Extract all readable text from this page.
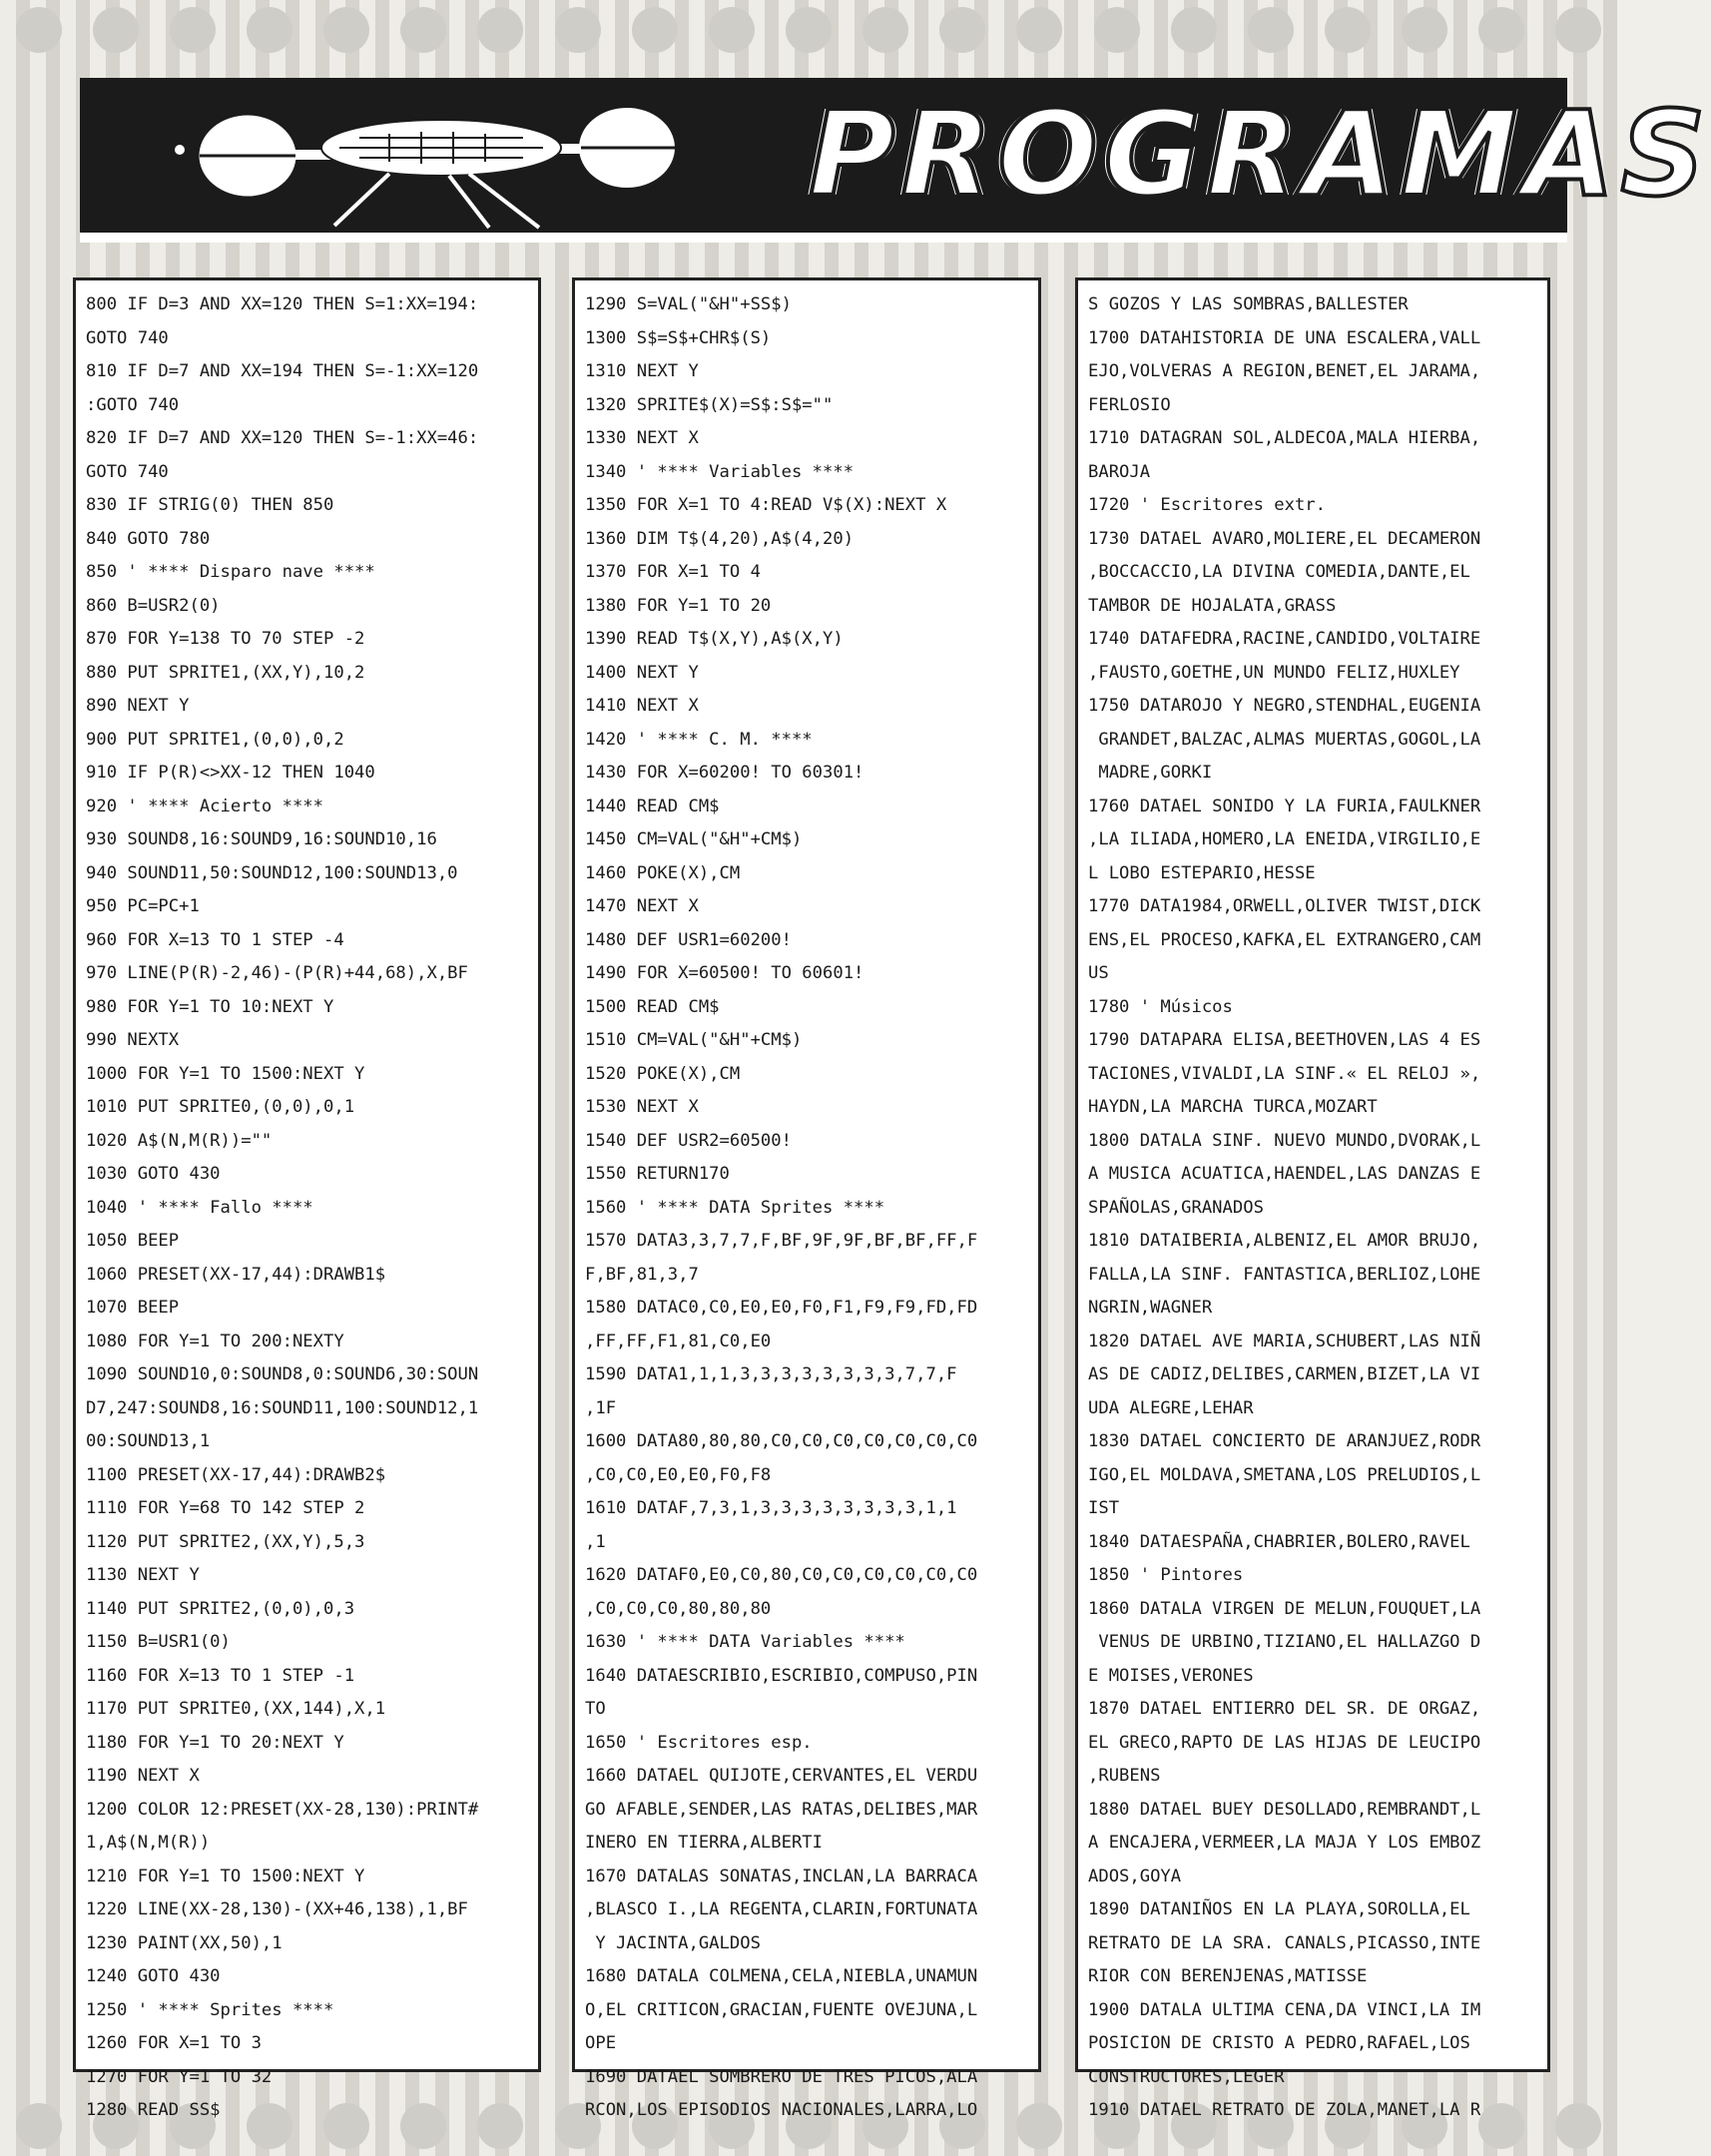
PROGRAMAS
800 IF D=3 AND XX=120 THEN S=1:XX=194:
GOTO 740
810 IF D=7 AND XX=194 THEN S=-1:XX=120
:GOTO 740
820 IF D=7 AND XX=120 THEN S=-1:XX=46:
GOTO 740
830 IF STRIG(0) THEN 850
840 GOTO 780
850 ' **** Disparo nave ****
860 B=USR2(0)
870 FOR Y=138 TO 70 STEP -2
880 PUT SPRITE1,(XX,Y),10,2
890 NEXT Y
900 PUT SPRITE1,(0,0),0,2
910 IF P(R)<>XX-12 THEN 1040
920 ' **** Acierto ****
930 SOUND8,16:SOUND9,16:SOUND10,16
940 SOUND11,50:SOUND12,100:SOUND13,0
950 PC=PC+1
960 FOR X=13 TO 1 STEP -4
970 LINE(P(R)-2,46)-(P(R)+44,68),X,BF
980 FOR Y=1 TO 10:NEXT Y
990 NEXTX
1000 FOR Y=1 TO 1500:NEXT Y
1010 PUT SPRITE0,(0,0),0,1
1020 A$(N,M(R))=""
1030 GOTO 430
1040 ' **** Fallo ****
1050 BEEP
1060 PRESET(XX-17,44):DRAWB1$
1070 BEEP
1080 FOR Y=1 TO 200:NEXTY
1090 SOUND10,0:SOUND8,0:SOUND6,30:SOUN
D7,247:SOUND8,16:SOUND11,100:SOUND12,1
00:SOUND13,1
1100 PRESET(XX-17,44):DRAWB2$
1110 FOR Y=68 TO 142 STEP 2
1120 PUT SPRITE2,(XX,Y),5,3
1130 NEXT Y
1140 PUT SPRITE2,(0,0),0,3
1150 B=USR1(0)
1160 FOR X=13 TO 1 STEP -1
1170 PUT SPRITE0,(XX,144),X,1
1180 FOR Y=1 TO 20:NEXT Y
1190 NEXT X
1200 COLOR 12:PRESET(XX-28,130):PRINT#
1,A$(N,M(R))
1210 FOR Y=1 TO 1500:NEXT Y
1220 LINE(XX-28,130)-(XX+46,138),1,BF
1230 PAINT(XX,50),1
1240 GOTO 430
1250 ' **** Sprites ****
1260 FOR X=1 TO 3
1270 FOR Y=1 TO 32
1280 READ SS$
1290 S=VAL("&H"+SS$)
1300 S$=S$+CHR$(S)
1310 NEXT Y
1320 SPRITE$(X)=S$:S$=""
1330 NEXT X
1340 ' **** Variables ****
1350 FOR X=1 TO 4:READ V$(X):NEXT X
1360 DIM T$(4,20),A$(4,20)
1370 FOR X=1 TO 4
1380 FOR Y=1 TO 20
1390 READ T$(X,Y),A$(X,Y)
1400 NEXT Y
1410 NEXT X
1420 ' **** C. M. ****
1430 FOR X=60200! TO 60301!
1440 READ CM$
1450 CM=VAL("&H"+CM$)
1460 POKE(X),CM
1470 NEXT X
1480 DEF USR1=60200!
1490 FOR X=60500! TO 60601!
1500 READ CM$
1510 CM=VAL("&H"+CM$)
1520 POKE(X),CM
1530 NEXT X
1540 DEF USR2=60500!
1550 RETURN170
1560 ' **** DATA Sprites ****
1570 DATA3,3,7,7,F,BF,9F,9F,BF,BF,FF,F
F,BF,81,3,7
1580 DATAC0,C0,E0,E0,F0,F1,F9,F9,FD,FD
,FF,FF,F1,81,C0,E0
1590 DATA1,1,1,3,3,3,3,3,3,3,3,7,7,F
,1F
1600 DATA80,80,80,C0,C0,C0,C0,C0,C0,C0
,C0,C0,E0,E0,F0,F8
1610 DATAF,7,3,1,3,3,3,3,3,3,3,3,1,1
,1
1620 DATAF0,E0,C0,80,C0,C0,C0,C0,C0,C0
,C0,C0,C0,80,80,80
1630 ' **** DATA Variables ****
1640 DATAESCRIBIO,ESCRIBIO,COMPUSO,PIN
TO
1650 ' Escritores esp.
1660 DATAEL QUIJOTE,CERVANTES,EL VERDU
GO AFABLE,SENDER,LAS RATAS,DELIBES,MAR
INERO EN TIERRA,ALBERTI
1670 DATALAS SONATAS,INCLAN,LA BARRACA
,BLASCO I.,LA REGENTA,CLARIN,FORTUNATA
Y JACINTA,GALDOS
1680 DATALA COLMENA,CELA,NIEBLA,UNAMUN
O,EL CRITICON,GRACIAN,FUENTE OVEJUNA,L
OPE
1690 DATAEL SOMBRERO DE TRES PICOS,ALA
RCON,LOS EPISODIOS NACIONALES,LARRA,LO
S GOZOS Y LAS SOMBRAS,BALLESTER
1700 DATAHISTORIA DE UNA ESCALERA,VALL
EJO,VOLVERAS A REGION,BENET,EL JARAMA,
FERLOSIO
1710 DATAGRAN SOL,ALDECOA,MALA HIERBA,
BAROJA
1720 ' Escritores extr.
1730 DATAEL AVARO,MOLIERE,EL DECAMERON
,BOCCACCIO,LA DIVINA COMEDIA,DANTE,EL
TAMBOR DE HOJALATA,GRASS
1740 DATAFEDRA,RACINE,CANDIDO,VOLTAIRE
,FAUSTO,GOETHE,UN MUNDO FELIZ,HUXLEY
1750 DATAROJO Y NEGRO,STENDHAL,EUGENIA
GRANDET,BALZAC,ALMAS MUERTAS,GOGOL,LA
MADRE,GORKI
1760 DATAEL SONIDO Y LA FURIA,FAULKNER
,LA ILIADA,HOMERO,LA ENEIDA,VIRGILIO,E
L LOBO ESTEPARIO,HESSE
1770 DATA1984,ORWELL,OLIVER TWIST,DICK
ENS,EL PROCESO,KAFKA,EL EXTRANGERO,CAM
US
1780 ' Músicos
1790 DATAPARA ELISA,BEETHOVEN,LAS 4 ES
TACIONES,VIVALDI,LA SINF.« EL RELOJ »,
HAYDN,LA MARCHA TURCA,MOZART
1800 DATALA SINF. NUEVO MUNDO,DVORAK,L
A MUSICA ACUATICA,HAENDEL,LAS DANZAS E
SPAÑOLAS,GRANADOS
1810 DATAIBERIA,ALBENIZ,EL AMOR BRUJO,
FALLA,LA SINF. FANTASTICA,BERLIOZ,LOHE
NGRIN,WAGNER
1820 DATAEL AVE MARIA,SCHUBERT,LAS NIÑ
AS DE CADIZ,DELIBES,CARMEN,BIZET,LA VI
UDA ALEGRE,LEHAR
1830 DATAEL CONCIERTO DE ARANJUEZ,RODR
IGO,EL MOLDAVA,SMETANA,LOS PRELUDIOS,L
IST
1840 DATAESPAÑA,CHABRIER,BOLERO,RAVEL
1850 ' Pintores
1860 DATALA VIRGEN DE MELUN,FOUQUET,LA
VENUS DE URBINO,TIZIANO,EL HALLAZGO D
E MOISES,VERONES
1870 DATAEL ENTIERRO DEL SR. DE ORGAZ,
EL GRECO,RAPTO DE LAS HIJAS DE LEUCIPO
,RUBENS
1880 DATAEL BUEY DESOLLADO,REMBRANDT,L
A ENCAJERA,VERMEER,LA MAJA Y LOS EMBOZ
ADOS,GOYA
1890 DATANIÑOS EN LA PLAYA,SOROLLA,EL
RETRATO DE LA SRA. CANALS,PICASSO,INTE
RIOR CON BERENJENAS,MATISSE
1900 DATALA ULTIMA CENA,DA VINCI,LA IM
POSICION DE CRISTO A PEDRO,RAFAEL,LOS
CONSTRUCTORES,LEGER
1910 DATAEL RETRATO DE ZOLA,MANET,LA R
